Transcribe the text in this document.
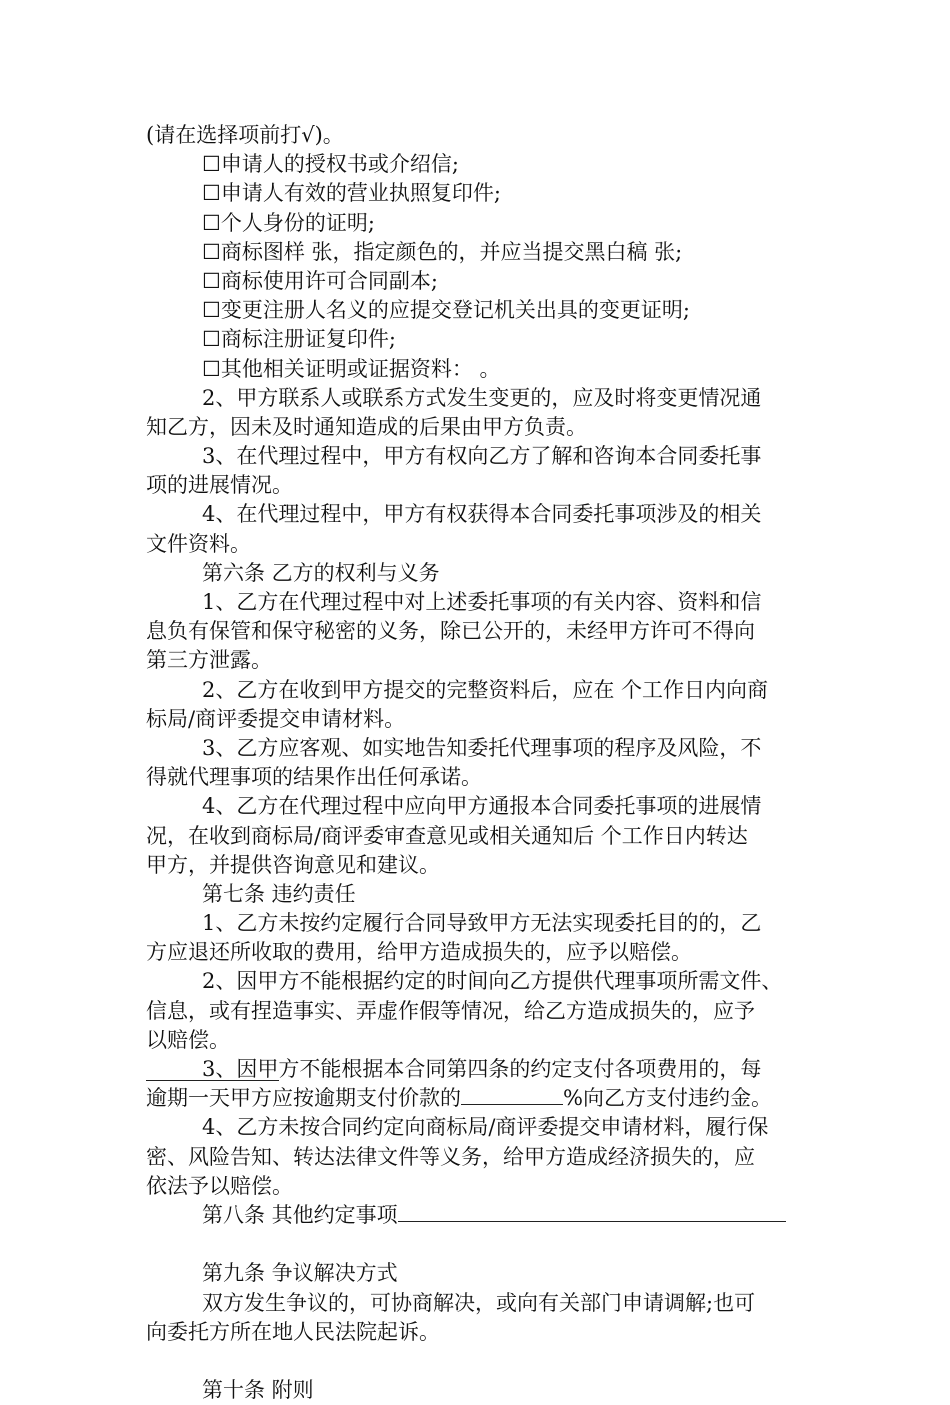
(请在选择项前打√)。
☐申请人的授权书或介绍信;
☐申请人有效的营业执照复印件;
☐个人身份的证明;
☐商标图样 张，指定颜色的，并应当提交黑白稿 张;
☐商标使用许可合同副本;
☐变更注册人名义的应提交登记机关出具的变更证明;
☐商标注册证复印件;
☐其他相关证明或证据资料： 。
2、甲方联系人或联系方式发生变更的，应及时将变更情况通
知乙方，因未及时通知造成的后果由甲方负责。
3、在代理过程中，甲方有权向乙方了解和咨询本合同委托事
项的进展情况。
4、在代理过程中，甲方有权获得本合同委托事项涉及的相关
文件资料。
第六条 乙方的权利与义务
1、乙方在代理过程中对上述委托事项的有关内容、资料和信
息负有保管和保守秘密的义务，除已公开的，未经甲方许可不得向
第三方泄露。
2、乙方在收到甲方提交的完整资料后，应在 个工作日内向商
标局/商评委提交申请材料。
3、乙方应客观、如实地告知委托代理事项的程序及风险，不
得就代理事项的结果作出任何承诺。
4、乙方在代理过程中应向甲方通报本合同委托事项的进展情
况，在收到商标局/商评委审查意见或相关通知后 个工作日内转达
甲方，并提供咨询意见和建议。
第七条 违约责任
1、乙方未按约定履行合同导致甲方无法实现委托目的的，乙
方应退还所收取的费用，给甲方造成损失的，应予以赔偿。
2、因甲方不能根据约定的时间向乙方提供代理事项所需文件、
信息，或有捏造事实、弄虚作假等情况，给乙方造成损失的，应予
以赔偿。
3、因甲方不能根据本合同第四条的约定支付各项费用的，每
逾期一天甲方应按逾期支付价款的	%向乙方支付违约金。
4、乙方未按合同约定向商标局/商评委提交申请材料，履行保
密、风险告知、转达法律文件等义务，给甲方造成经济损失的，应
依法予以赔偿。
第八条 其他约定事项
第九条 争议解决方式
双方发生争议的，可协商解决，或向有关部门申请调解;也可
向委托方所在地人民法院起诉。
第十条 附则
